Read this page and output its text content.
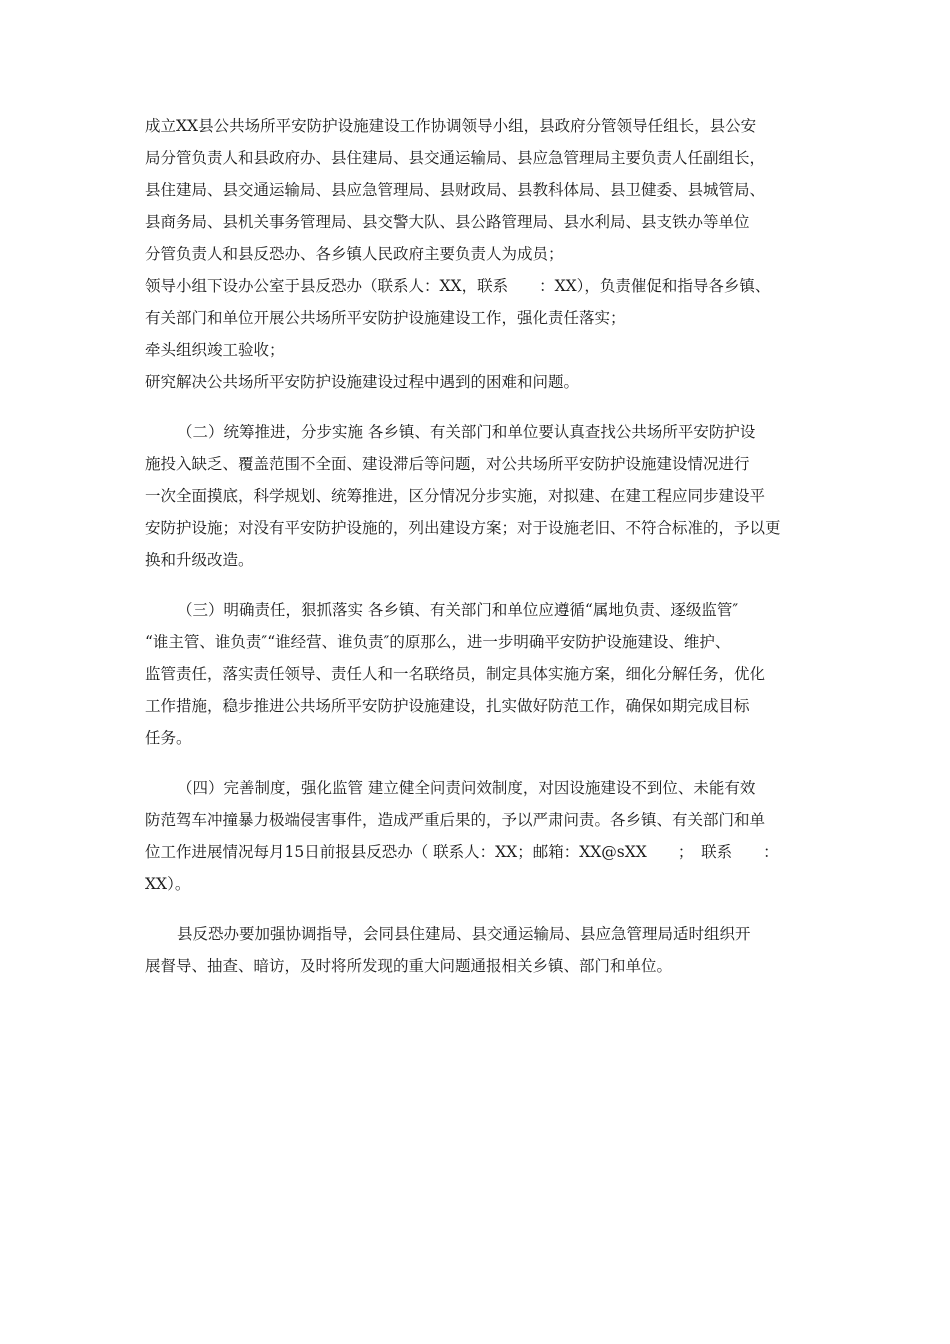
成立XX县公共场所平安防护设施建设工作协调领导小组，县政府分管领导任组长，县公安

局分管负责人和县政府办、县住建局、县交通运输局、县应急管理局主要负责人任副组长，

县住建局、县交通运输局、县应急管理局、县财政局、县教科体局、县卫健委、县城管局、

县商务局、县机关事务管理局、县交警大队、县公路管理局、县水利局、县支铁办等单位

分管负责人和县反恐办、各乡镇人民政府主要负责人为成员；

领导小组下设办公室于县反恐办（联系人：XX，联系　　：XX），负责催促和指导各乡镇、

有关部门和单位开展公共场所平安防护设施建设工作，强化责任落实；

牵头组织竣工验收；

研究解决公共场所平安防护设施建设过程中遇到的困难和问题。

（二）统筹推进，分步实施 各乡镇、有关部门和单位要认真查找公共场所平安防护设

施投入缺乏、覆盖范围不全面、建设滞后等问题，对公共场所平安防护设施建设情况进行

一次全面摸底，科学规划、统筹推进，区分情况分步实施，对拟建、在建工程应同步建设平

安防护设施；对没有平安防护设施的，列出建设方案；对于设施老旧、不符合标准的，予以更

换和升级改造。

（三）明确责任，狠抓落实 各乡镇、有关部门和单位应遵循“属地负责、逐级监管″

“谁主管、谁负责″“谁经营、谁负责″的原那么，进一步明确平安防护设施建设、维护、

监管责任，落实责任领导、责任人和一名联络员，制定具体实施方案，细化分解任务，优化

工作措施，稳步推进公共场所平安防护设施建设，扎实做好防范工作，确保如期完成目标

任务。

（四）完善制度，强化监管 建立健全问责问效制度，对因设施建设不到位、未能有效

防范驾车冲撞暴力极端侵害事件，造成严重后果的，予以严肃问责。各乡镇、有关部门和单

位工作进展情况每月15日前报县反恐办（ 联系人：XX；邮箱：XX@sXX　　；　联系　　：

XX）。

县反恐办要加强协调指导，会同县住建局、县交通运输局、县应急管理局适时组织开

展督导、抽查、暗访，及时将所发现的重大问题通报相关乡镇、部门和单位。
